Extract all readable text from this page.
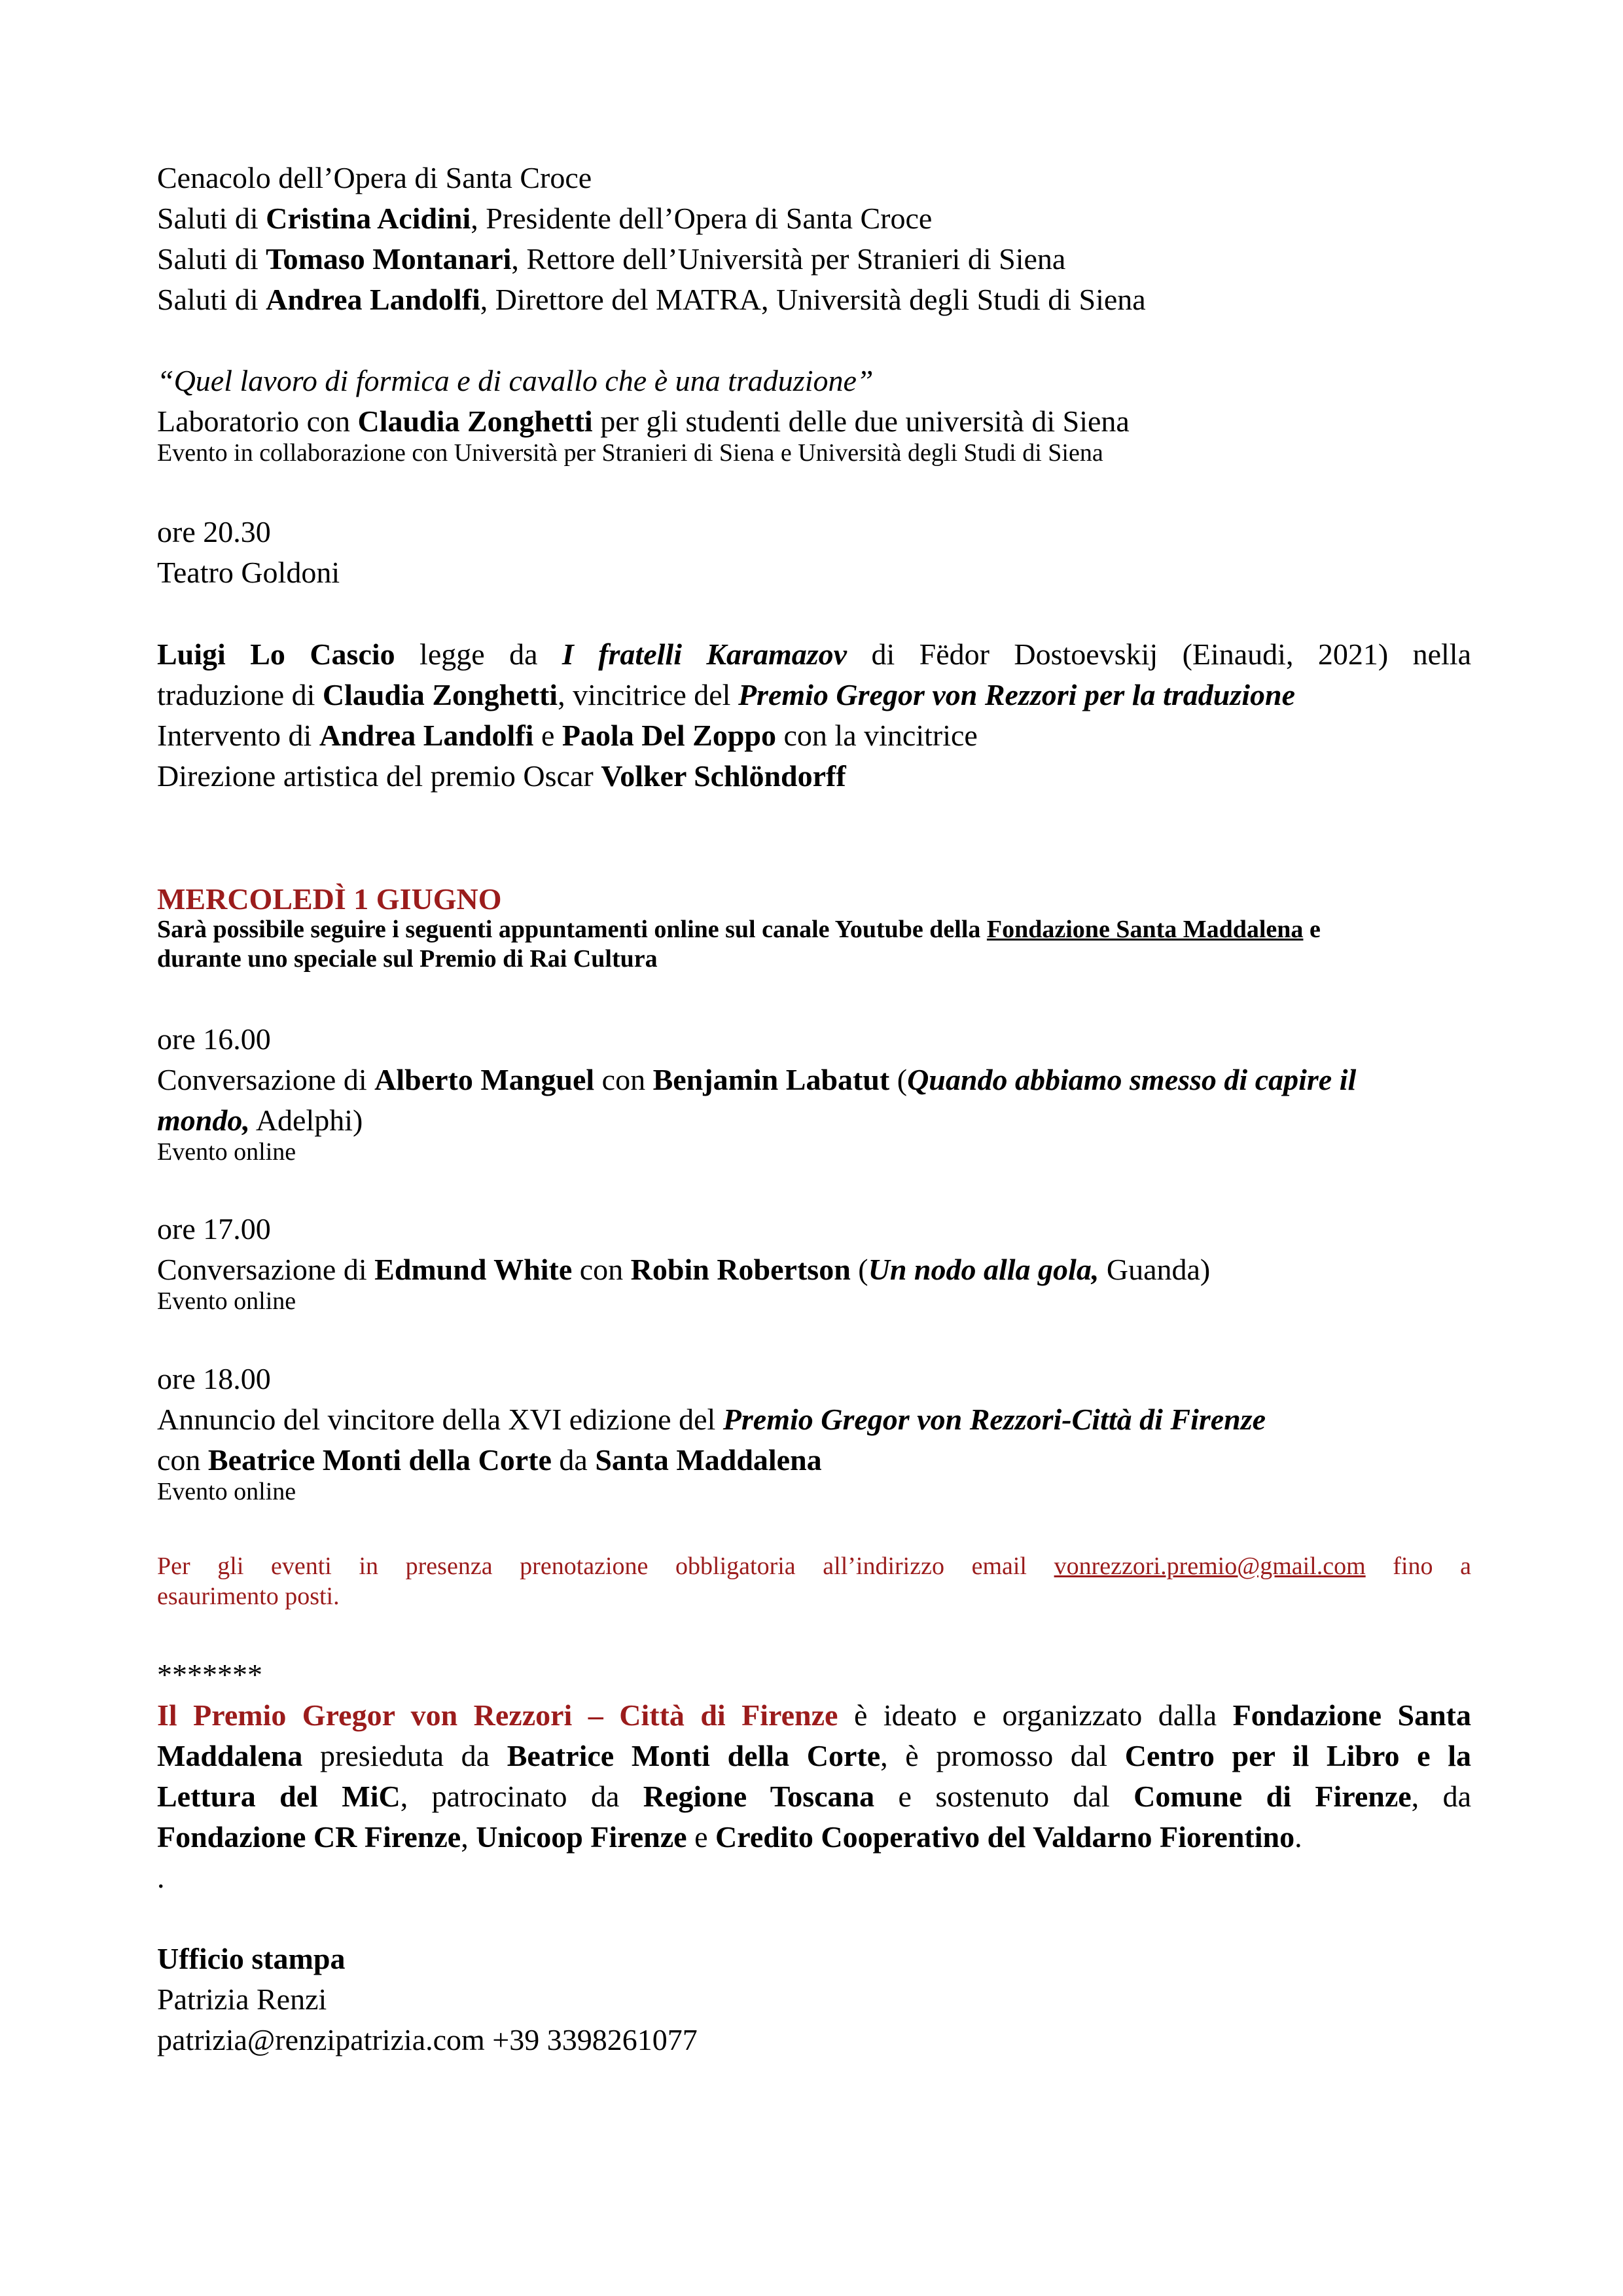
Cenacolo dell’Opera di Santa Croce
Saluti di Cristina Acidini, Presidente dell’Opera di Santa Croce
Saluti di Tomaso Montanari, Rettore dell’Università per Stranieri di Siena
Saluti di Andrea Landolfi, Direttore del MATRA, Università degli Studi di Siena
“Quel lavoro di formica e di cavallo che è una traduzione”
Laboratorio con Claudia Zonghetti per gli studenti delle due università di Siena
Evento in collaborazione con Università per Stranieri di Siena e Università degli Studi di Siena
ore 20.30
Teatro Goldoni
Luigi Lo Cascio legge da I fratelli Karamazov di Fëdor Dostoevskij (Einaudi, 2021) nella
traduzione di Claudia Zonghetti, vincitrice del Premio Gregor von Rezzori per la traduzione
Intervento di Andrea Landolfi e Paola Del Zoppo con la vincitrice
Direzione artistica del premio Oscar Volker Schlöndorff
MERCOLEDÌ 1 GIUGNO
Sarà possibile seguire i seguenti appuntamenti online sul canale Youtube della Fondazione Santa Maddalena e
durante uno speciale sul Premio di Rai Cultura
ore 16.00
Conversazione di Alberto Manguel con Benjamin Labatut (Quando abbiamo smesso di capire il
mondo, Adelphi)
Evento online
ore 17.00
Conversazione di Edmund White con Robin Robertson (Un nodo alla gola, Guanda)
Evento online
ore 18.00
Annuncio del vincitore della XVI edizione del Premio Gregor von Rezzori-Città di Firenze
con Beatrice Monti della Corte da Santa Maddalena
Evento online
Per gli eventi in presenza prenotazione obbligatoria all’indirizzo email vonrezzori.premio@gmail.com fino a
esaurimento posti.
*******
Il Premio Gregor von Rezzori – Città di Firenze è ideato e organizzato dalla Fondazione Santa
Maddalena presieduta da Beatrice Monti della Corte, è promosso dal Centro per il Libro e la
Lettura del MiC, patrocinato da Regione Toscana e sostenuto dal Comune di Firenze, da
Fondazione CR Firenze, Unicoop Firenze e Credito Cooperativo del Valdarno Fiorentino.
.
Ufficio stampa
Patrizia Renzi
patrizia@renzipatrizia.com +39 3398261077
